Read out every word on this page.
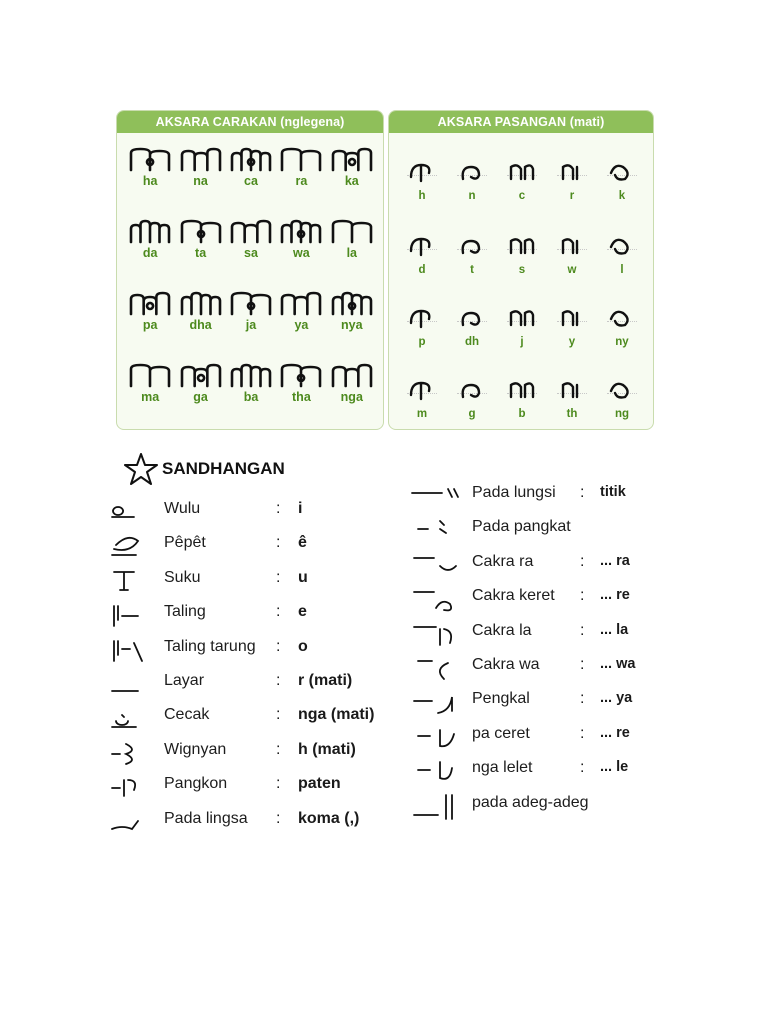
AKSARA CARAKAN (nglegena)
ha	na	ca	ra	ka
da	ta	sa	wa	la
pa	dha	ja	ya	nya
ma	ga	ba	tha	nga
AKSARA PASANGAN (mati)
h	n	c	r	k
d	t	s	w	l
p	dh	j	y	ny
m	g	b	th	ng
SANDHANGAN
Wulu	: i
Pêpêt	: ê
Suku	: u
Taling	: e
Taling tarung : o
Layar	: r (mati)
Cecak	: nga (mati)
Wignyan	: h (mati)
Pangkon	: paten
Pada lingsa : koma (,)
Pada lungsi : titik
Pada pangkat
Cakra ra	: ... ra
Cakra keret : ... re
Cakra la	: ... la
Cakra wa	: ... wa
Pengkal	: ... ya
pa ceret	: ... re
nga lelet	: ... le
pada adeg-adeg
